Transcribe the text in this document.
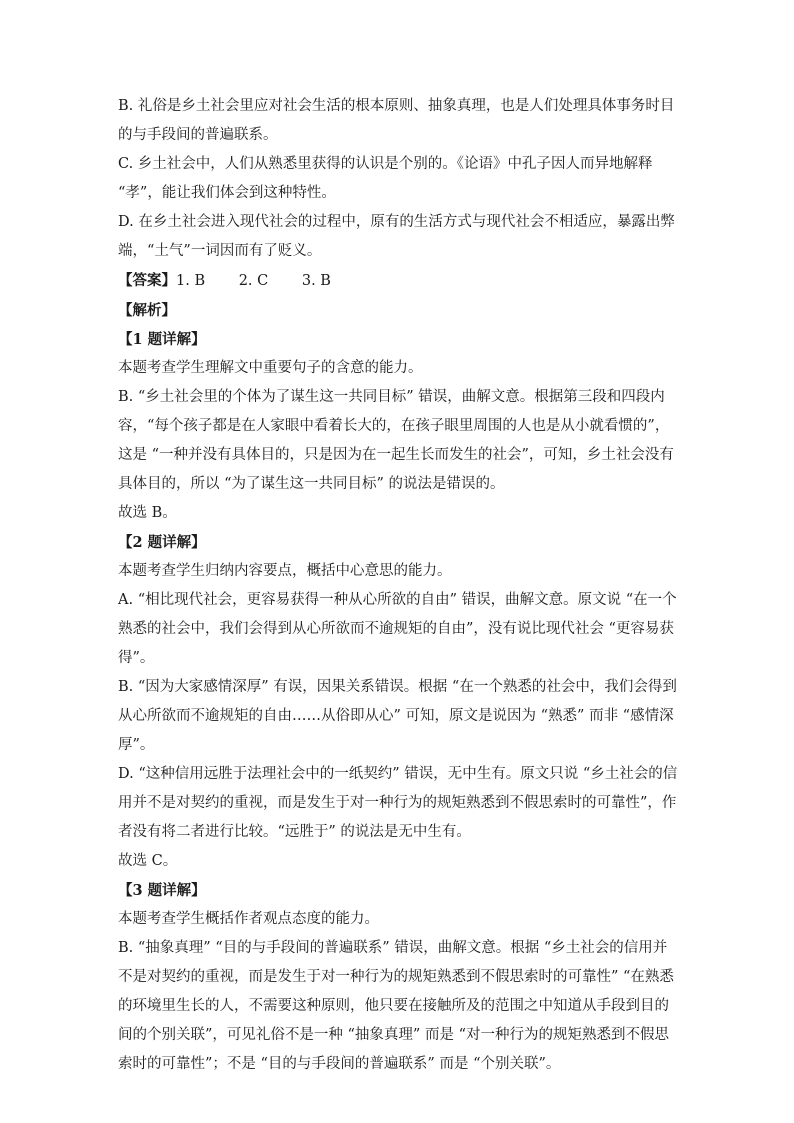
B. 礼俗是乡土社会里应对社会生活的根本原则、抽象真理，也是人们处理具体事务时目的与手段间的普遍联系。

C. 乡土社会中，人们从熟悉里获得的认识是个别的。《论语》中孔子因人而异地解释 “孝”，能让我们体会到这种特性。

D. 在乡土社会进入现代社会的过程中，原有的生活方式与现代社会不相适应，暴露出弊端，“土气”一词因而有了贬义。

【答案】1. B 　　2. C 　　3. B

【解析】

【1 题详解】

本题考查学生理解文中重要句子的含意的能力。

B. “乡土社会里的个体为了谋生这一共同目标” 错误，曲解文意。根据第三段和四段内容，“每个孩子都是在人家眼中看着长大的，在孩子眼里周围的人也是从小就看惯的”，这是 “一种并没有具体目的，只是因为在一起生长而发生的社会”，可知，乡土社会没有具体目的，所以 “为了谋生这一共同目标” 的说法是错误的。

故选 B。

【2 题详解】

本题考查学生归纳内容要点，概括中心意思的能力。

A. “相比现代社会，更容易获得一种从心所欲的自由” 错误，曲解文意。原文说 “在一个熟悉的社会中，我们会得到从心所欲而不逾规矩的自由”，没有说比现代社会 “更容易获得”。

B. “因为大家感情深厚” 有误，因果关系错误。根据 “在一个熟悉的社会中，我们会得到从心所欲而不逾规矩的自由……从俗即从心” 可知，原文是说因为 “熟悉” 而非 “感情深厚”。

D. “这种信用远胜于法理社会中的一纸契约” 错误，无中生有。原文只说 “乡土社会的信用并不是对契约的重视，而是发生于对一种行为的规矩熟悉到不假思索时的可靠性”，作者没有将二者进行比较。“远胜于” 的说法是无中生有。

故选 C。

【3 题详解】

本题考查学生概括作者观点态度的能力。

B. “抽象真理” “目的与手段间的普遍联系” 错误，曲解文意。根据 “乡土社会的信用并不是对契约的重视，而是发生于对一种行为的规矩熟悉到不假思索时的可靠性” “在熟悉的环境里生长的人，不需要这种原则，他只要在接触所及的范围之中知道从手段到目的间的个别关联”，可见礼俗不是一种 “抽象真理” 而是 “对一种行为的规矩熟悉到不假思索时的可靠性”；不是 “目的与手段间的普遍联系” 而是 “个别关联”。
